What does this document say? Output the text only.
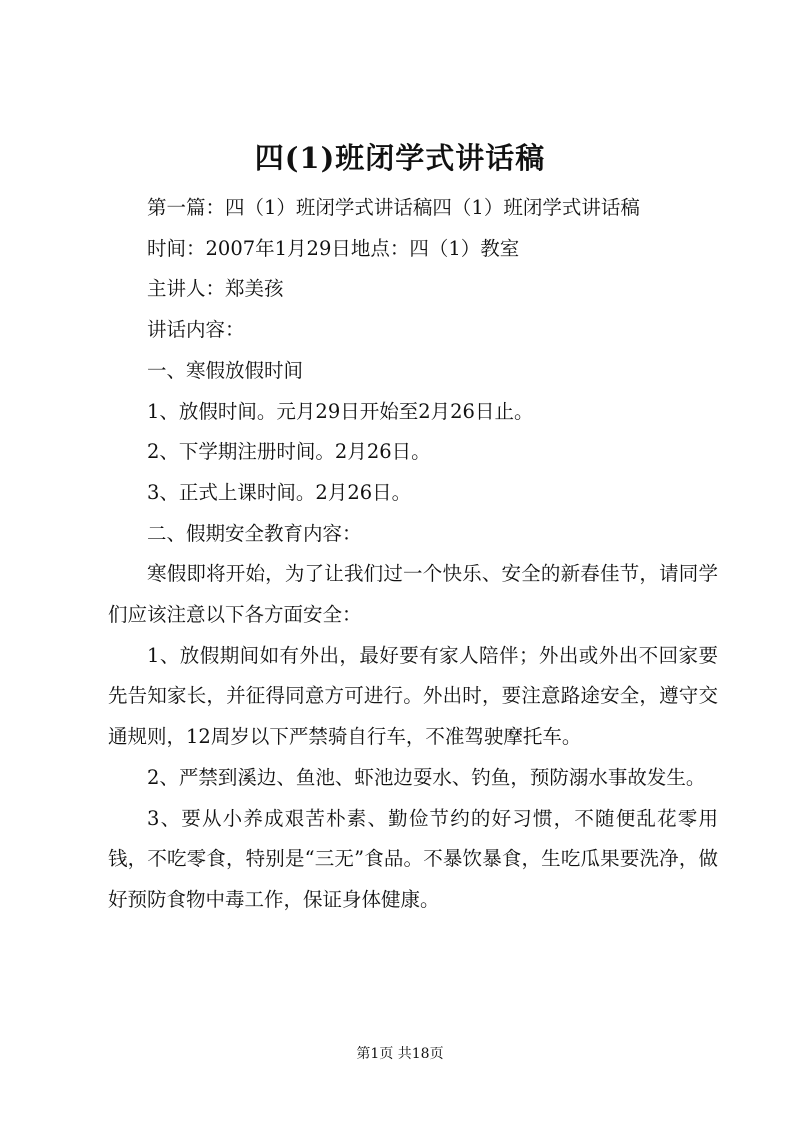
四(1)班闭学式讲话稿

第一篇：四（1）班闭学式讲话稿四（1）班闭学式讲话稿

时间：2007年1月29日地点：四（1）教室

主讲人：郑美孩

讲话内容：

一、寒假放假时间

1、放假时间。元月29日开始至2月26日止。

2、下学期注册时间。2月26日。

3、正式上课时间。2月26日。

二、假期安全教育内容：

寒假即将开始，为了让我们过一个快乐、安全的新春佳节，请同学们应该注意以下各方面安全：

1、放假期间如有外出，最好要有家人陪伴；外出或外出不回家要先告知家长，并征得同意方可进行。外出时，要注意路途安全，遵守交通规则，12周岁以下严禁骑自行车，不准驾驶摩托车。

2、严禁到溪边、鱼池、虾池边耍水、钓鱼，预防溺水事故发生。

3、要从小养成艰苦朴素、勤俭节约的好习惯，不随便乱花零用钱，不吃零食，特别是“三无”食品。不暴饮暴食，生吃瓜果要洗净，做好预防食物中毒工作，保证身体健康。

第1页 共18页
